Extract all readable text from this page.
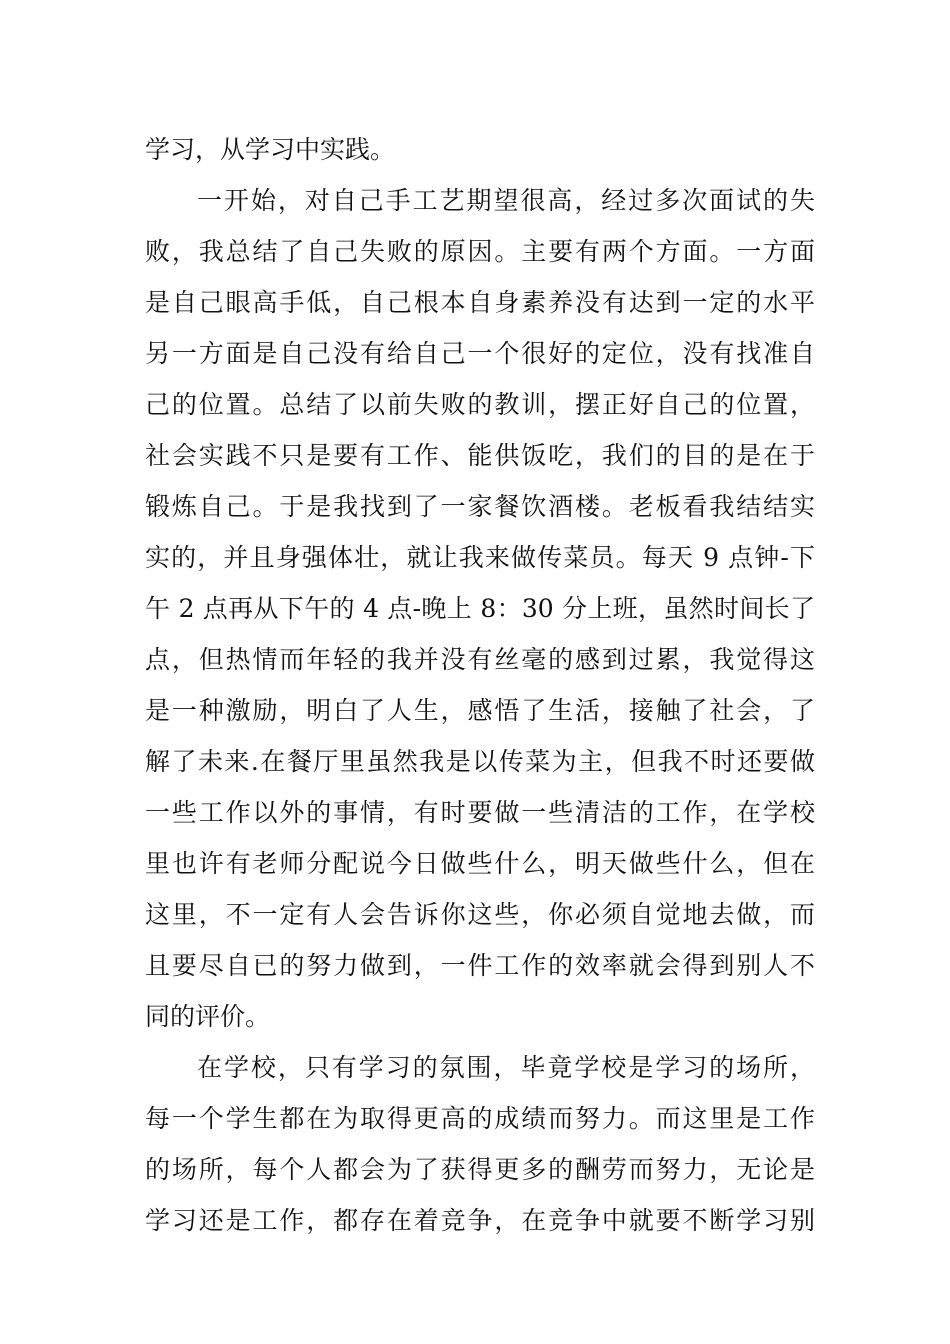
学习，从学习中实践。
一开始，对自己手工艺期望很高，经过多次面试的失
败，我总结了自己失败的原因。主要有两个方面。一方面
是自己眼高手低，自己根本自身素养没有达到一定的水平
另一方面是自己没有给自己一个很好的定位，没有找准自
己的位置。总结了以前失败的教训，摆正好自己的位置，
社会实践不只是要有工作、能供饭吃，我们的目的是在于
锻炼自己。于是我找到了一家餐饮酒楼。老板看我结结实
实的，并且身强体壮，就让我来做传菜员。每天 9 点钟-下
午 2 点再从下午的 4 点-晚上 8：30 分上班，虽然时间长了
点，但热情而年轻的我并没有丝毫的感到过累，我觉得这
是一种激励，明白了人生，感悟了生活，接触了社会，了
解了未来.在餐厅里虽然我是以传菜为主，但我不时还要做
一些工作以外的事情，有时要做一些清洁的工作，在学校
里也许有老师分配说今日做些什么，明天做些什么，但在
这里，不一定有人会告诉你这些，你必须自觉地去做，而
且要尽自已的努力做到，一件工作的效率就会得到别人不
同的评价。
在学校，只有学习的氛围，毕竟学校是学习的场所，
每一个学生都在为取得更高的成绩而努力。而这里是工作
的场所，每个人都会为了获得更多的酬劳而努力，无论是
学习还是工作，都存在着竞争，在竞争中就要不断学习别
